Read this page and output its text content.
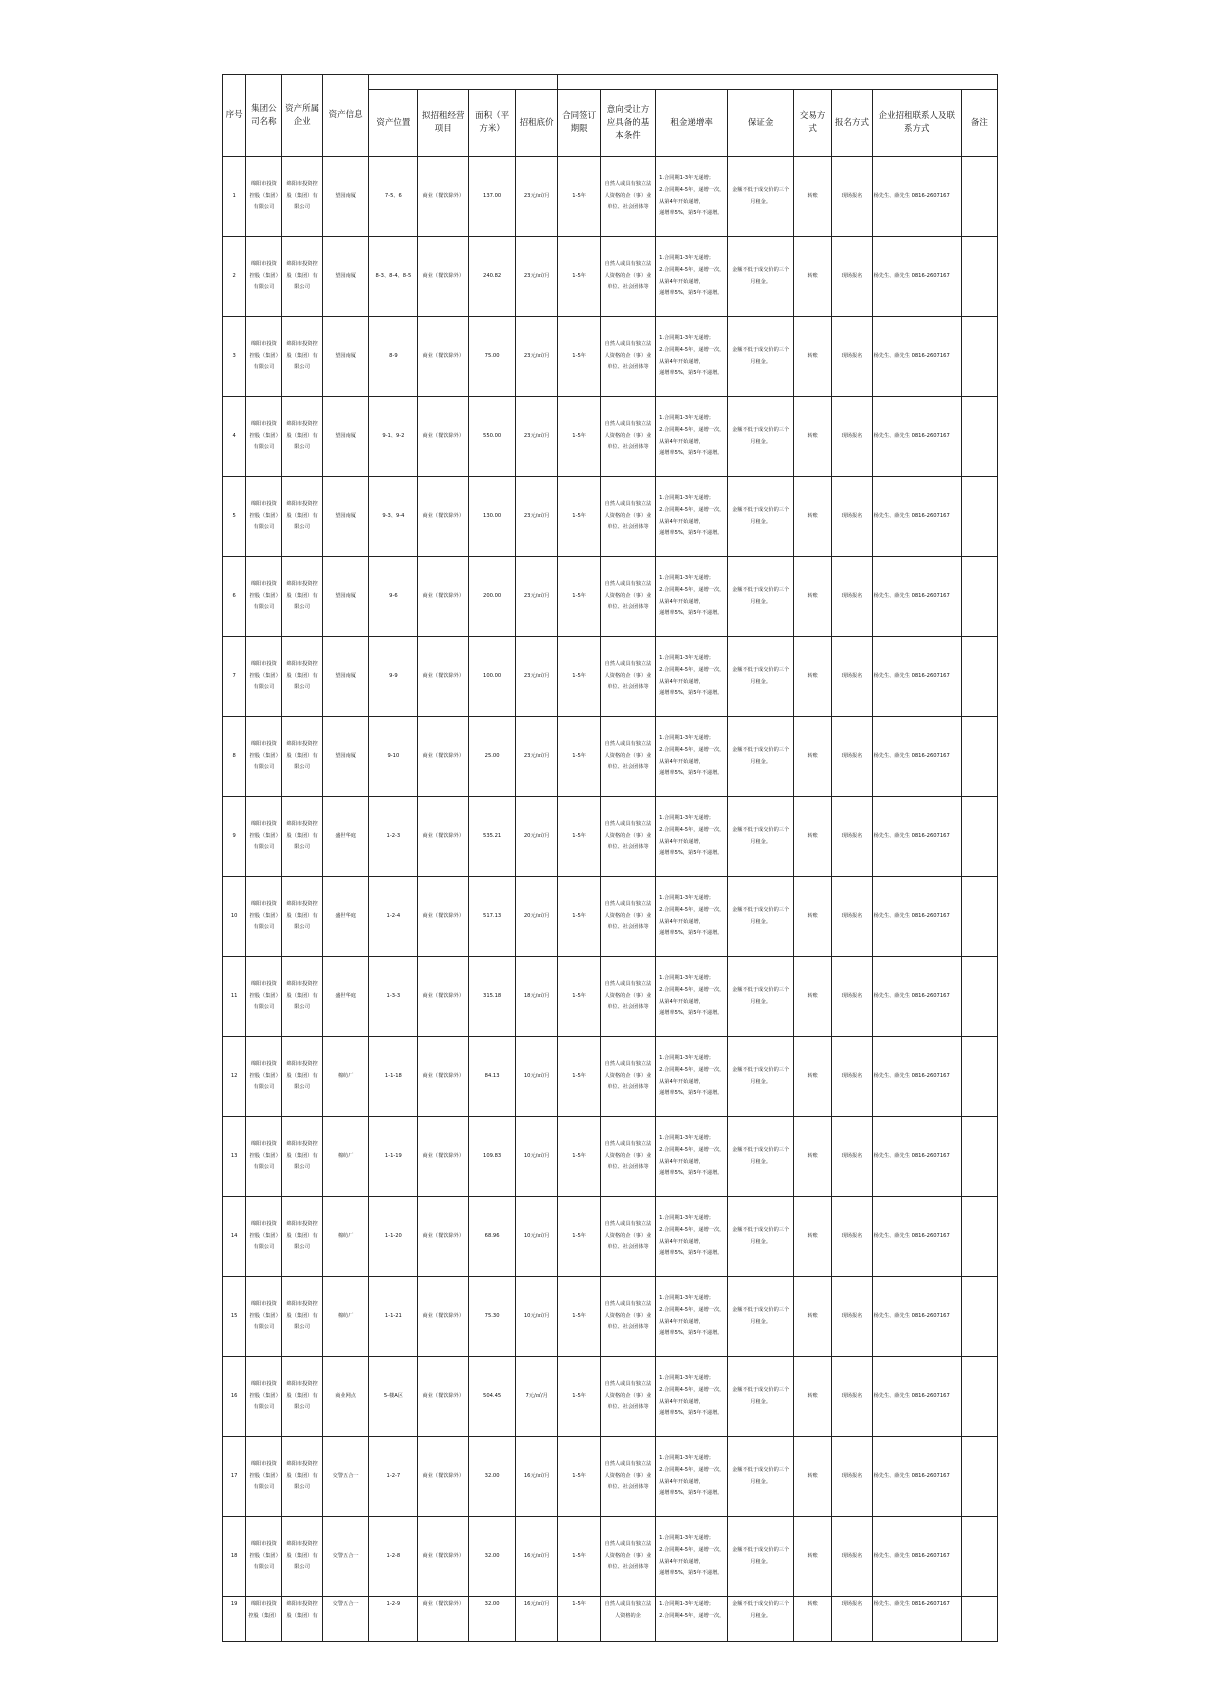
序号	集团公司名称	资产所属企业	资产信息												
				资产位置	拟招租经营项目	面积（平方米）	招租底价	合同签订期限	意向受让方应具备的基本条件	租金递增率	保证金	交易方式	报名方式	企业招租联系人及联系方式	备注
1	绵阳市投资控股（集团）有限公司	绵阳市投资控股（集团）有限公司	望园南厦	7-5、6	商业（餐饮除外）	137.00	23元/㎡/月	1-5年	自然人或具有独立法人资格的企（事）业单位、社会团体等	1.合同期1-3年无递增；
2.合同期4-5年，递增一次，从第4年开始递增，
递增率5%，第5年不递增。	金额不低于成交价的三个月租金。	转账	现场报名	杨先生、薛先生 0816-2607167	
2	绵阳市投资控股（集团）有限公司	绵阳市投资控股（集团）有限公司	望园南厦	8-3、8-4、8-5	商业（餐饮除外）	240.82	23元/㎡/月	1-5年	自然人或具有独立法人资格的企（事）业单位、社会团体等	1.合同期1-3年无递增；
2.合同期4-5年，递增一次，从第4年开始递增，
递增率5%，第5年不递增。	金额不低于成交价的三个月租金。	转账	现场报名	杨先生、薛先生 0816-2607167	
3	绵阳市投资控股（集团）有限公司	绵阳市投资控股（集团）有限公司	望园南厦	8-9	商业（餐饮除外）	75.00	23元/㎡/月	1-5年	自然人或具有独立法人资格的企（事）业单位、社会团体等	1.合同期1-3年无递增；
2.合同期4-5年，递增一次，从第4年开始递增，
递增率5%，第5年不递增。	金额不低于成交价的三个月租金。	转账	现场报名	杨先生、薛先生 0816-2607167	
4	绵阳市投资控股（集团）有限公司	绵阳市投资控股（集团）有限公司	望园南厦	9-1、9-2	商业（餐饮除外）	550.00	23元/㎡/月	1-5年	自然人或具有独立法人资格的企（事）业单位、社会团体等	1.合同期1-3年无递增；
2.合同期4-5年，递增一次，从第4年开始递增，
递增率5%，第5年不递增。	金额不低于成交价的三个月租金。	转账	现场报名	杨先生、薛先生 0816-2607167	
5	绵阳市投资控股（集团）有限公司	绵阳市投资控股（集团）有限公司	望园南厦	9-3、9-4	商业（餐饮除外）	130.00	23元/㎡/月	1-5年	自然人或具有独立法人资格的企（事）业单位、社会团体等	1.合同期1-3年无递增；
2.合同期4-5年，递增一次，从第4年开始递增，
递增率5%，第5年不递增。	金额不低于成交价的三个月租金。	转账	现场报名	杨先生、薛先生 0816-2607167	
6	绵阳市投资控股（集团）有限公司	绵阳市投资控股（集团）有限公司	望园南厦	9-6	商业（餐饮除外）	200.00	23元/㎡/月	1-5年	自然人或具有独立法人资格的企（事）业单位、社会团体等	1.合同期1-3年无递增；
2.合同期4-5年，递增一次，从第4年开始递增，
递增率5%，第5年不递增。	金额不低于成交价的三个月租金。	转账	现场报名	杨先生、薛先生 0816-2607167	
7	绵阳市投资控股（集团）有限公司	绵阳市投资控股（集团）有限公司	望园南厦	9-9	商业（餐饮除外）	100.00	23元/㎡/月	1-5年	自然人或具有独立法人资格的企（事）业单位、社会团体等	1.合同期1-3年无递增；
2.合同期4-5年，递增一次，从第4年开始递增，
递增率5%，第5年不递增。	金额不低于成交价的三个月租金。	转账	现场报名	杨先生、薛先生 0816-2607167	
8	绵阳市投资控股（集团）有限公司	绵阳市投资控股（集团）有限公司	望园南厦	9-10	商业（餐饮除外）	25.00	23元/㎡/月	1-5年	自然人或具有独立法人资格的企（事）业单位、社会团体等	1.合同期1-3年无递增；
2.合同期4-5年，递增一次，从第4年开始递增，
递增率5%，第5年不递增。	金额不低于成交价的三个月租金。	转账	现场报名	杨先生、薛先生 0816-2607167	
9	绵阳市投资控股（集团）有限公司	绵阳市投资控股（集团）有限公司	盛世华庭	1-2-3	商业（餐饮除外）	535.21	20元/㎡/月	1-5年	自然人或具有独立法人资格的企（事）业单位、社会团体等	1.合同期1-3年无递增；
2.合同期4-5年，递增一次，从第4年开始递增，
递增率5%，第5年不递增。	金额不低于成交价的三个月租金。	转账	现场报名	杨先生、薛先生 0816-2607167	
10	绵阳市投资控股（集团）有限公司	绵阳市投资控股（集团）有限公司	盛世华庭	1-2-4	商业（餐饮除外）	517.13	20元/㎡/月	1-5年	自然人或具有独立法人资格的企（事）业单位、社会团体等	1.合同期1-3年无递增；
2.合同期4-5年，递增一次，从第4年开始递增，
递增率5%，第5年不递增。	金额不低于成交价的三个月租金。	转账	现场报名	杨先生、薛先生 0816-2607167	
11	绵阳市投资控股（集团）有限公司	绵阳市投资控股（集团）有限公司	盛世华庭	1-3-3	商业（餐饮除外）	315.18	18元/㎡/月	1-5年	自然人或具有独立法人资格的企（事）业单位、社会团体等	1.合同期1-3年无递增；
2.合同期4-5年，递增一次，从第4年开始递增，
递增率5%，第5年不递增。	金额不低于成交价的三个月租金。	转账	现场报名	杨先生、薛先生 0816-2607167	
12	绵阳市投资控股（集团）有限公司	绵阳市投资控股（集团）有限公司	棉纺厂	1-1-18	商业（餐饮除外）	84.13	10元/㎡/月	1-5年	自然人或具有独立法人资格的企（事）业单位、社会团体等	1.合同期1-3年无递增；
2.合同期4-5年，递增一次，从第4年开始递增，
递增率5%，第5年不递增。	金额不低于成交价的三个月租金。	转账	现场报名	杨先生、薛先生 0816-2607167	
13	绵阳市投资控股（集团）有限公司	绵阳市投资控股（集团）有限公司	棉纺厂	1-1-19	商业（餐饮除外）	109.83	10元/㎡/月	1-5年	自然人或具有独立法人资格的企（事）业单位、社会团体等	1.合同期1-3年无递增；
2.合同期4-5年，递增一次，从第4年开始递增，
递增率5%，第5年不递增。	金额不低于成交价的三个月租金。	转账	现场报名	杨先生、薛先生 0816-2607167	
14	绵阳市投资控股（集团）有限公司	绵阳市投资控股（集团）有限公司	棉纺厂	1-1-20	商业（餐饮除外）	68.96	10元/㎡/月	1-5年	自然人或具有独立法人资格的企（事）业单位、社会团体等	1.合同期1-3年无递增；
2.合同期4-5年，递增一次，从第4年开始递增，
递增率5%，第5年不递增。	金额不低于成交价的三个月租金。	转账	现场报名	杨先生、薛先生 0816-2607167	
15	绵阳市投资控股（集团）有限公司	绵阳市投资控股（集团）有限公司	棉纺厂	1-1-21	商业（餐饮除外）	75.30	10元/㎡/月	1-5年	自然人或具有独立法人资格的企（事）业单位、社会团体等	1.合同期1-3年无递增；
2.合同期4-5年，递增一次，从第4年开始递增，
递增率5%，第5年不递增。	金额不低于成交价的三个月租金。	转账	现场报名	杨先生、薛先生 0816-2607167	
16	绵阳市投资控股（集团）有限公司	绵阳市投资控股（集团）有限公司	商业网点	5-楼A区	商业（餐饮除外）	504.45	7元/㎡/月	1-5年	自然人或具有独立法人资格的企（事）业单位、社会团体等	1.合同期1-3年无递增；
2.合同期4-5年，递增一次，从第4年开始递增，
递增率5%，第5年不递增。	金额不低于成交价的三个月租金。	转账	现场报名	杨先生、薛先生 0816-2607167	
17	绵阳市投资控股（集团）有限公司	绵阳市投资控股（集团）有限公司	交警五合一	1-2-7	商业（餐饮除外）	32.00	16元/㎡/月	1-5年	自然人或具有独立法人资格的企（事）业单位、社会团体等	1.合同期1-3年无递增；
2.合同期4-5年，递增一次，从第4年开始递增，
递增率5%，第5年不递增。	金额不低于成交价的三个月租金。	转账	现场报名	杨先生、薛先生 0816-2607167	
18	绵阳市投资控股（集团）有限公司	绵阳市投资控股（集团）有限公司	交警五合一	1-2-8	商业（餐饮除外）	32.00	16元/㎡/月	1-5年	自然人或具有独立法人资格的企（事）业单位、社会团体等	1.合同期1-3年无递增；
2.合同期4-5年，递增一次，从第4年开始递增，
递增率5%，第5年不递增。	金额不低于成交价的三个月租金。	转账	现场报名	杨先生、薛先生 0816-2607167	
19	绵阳市投资控股（集团）	绵阳市投资控股（集团）有	交警五合一	1-2-9	商业（餐饮除外）	32.00	16元/㎡/月	1-5年	自然人或具有独立法人资格的企	1.合同期1-3年无递增；
2.合同期4-5年，递增一次，	金额不低于成交价的三个月租金。	转账	现场报名	杨先生、薛先生 0816-2607167	
